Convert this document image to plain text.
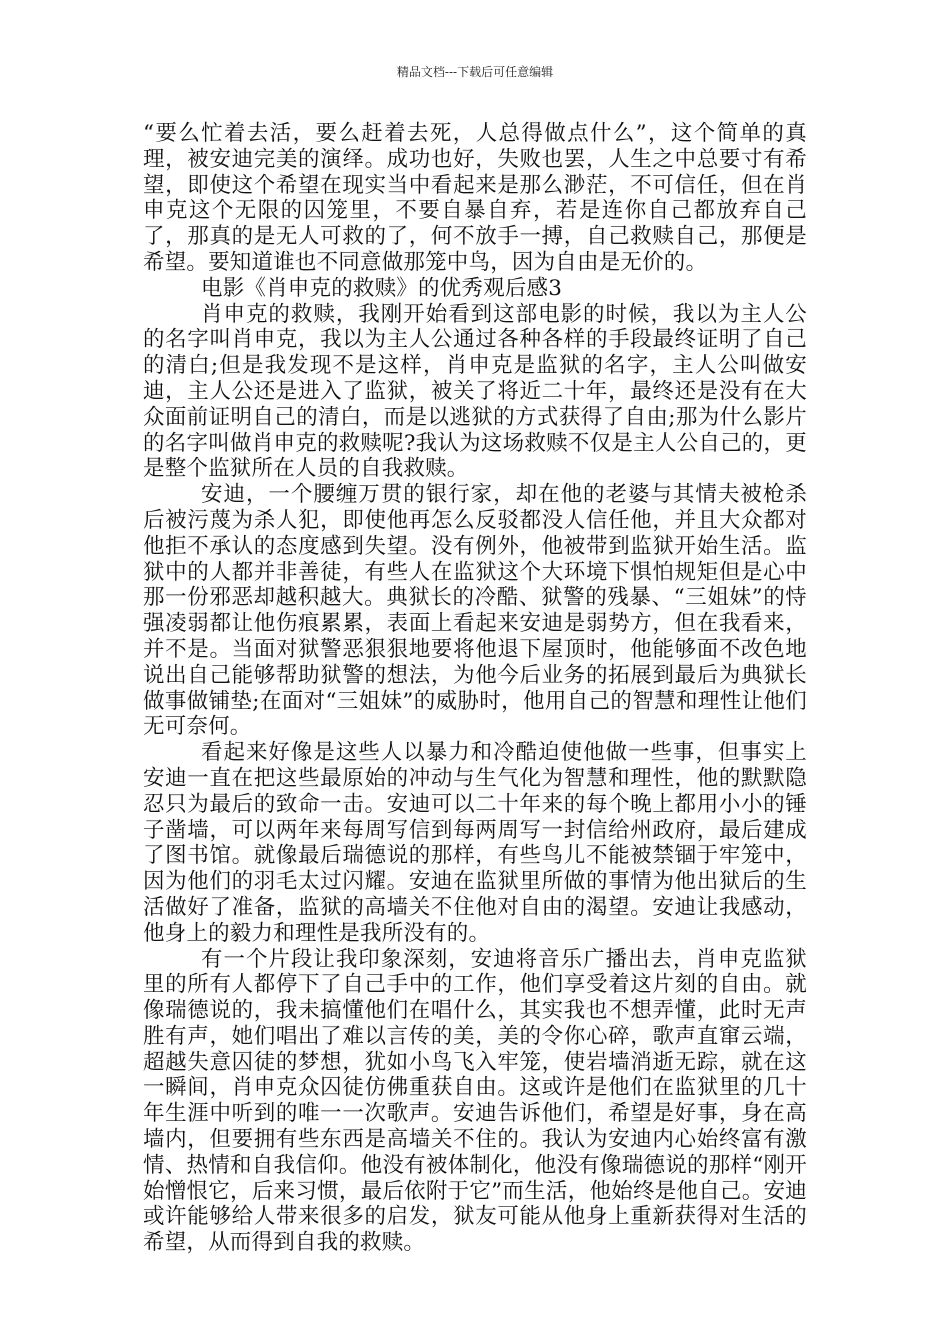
精品文档---下载后可任意编辑

“要么忙着去活，要么赶着去死，人总得做点什么”，这个简单的真理，被安迪完美的演绎。成功也好，失败也罢，人生之中总要寸有希望，即使这个希望在现实当中看起来是那么渺茫，不可信任，但在肖申克这个无限的囚笼里，不要自暴自弃，若是连你自己都放弃自己了，那真的是无人可救的了，何不放手一搏，自己救赎自己，那便是希望。要知道谁也不同意做那笼中鸟，因为自由是无价的。

电影《肖申克的救赎》的优秀观后感3

肖申克的救赎，我刚开始看到这部电影的时候，我以为主人公的名字叫肖申克，我以为主人公通过各种各样的手段最终证明了自己的清白;但是我发现不是这样，肖申克是监狱的名字，主人公叫做安迪，主人公还是进入了监狱，被关了将近二十年，最终还是没有在大众面前证明自己的清白，而是以逃狱的方式获得了自由;那为什么影片的名字叫做肖申克的救赎呢?我认为这场救赎不仅是主人公自己的，更是整个监狱所在人员的自我救赎。

安迪，一个腰缠万贯的银行家，却在他的老婆与其情夫被枪杀后被污蔑为杀人犯，即使他再怎么反驳都没人信任他，并且大众都对他拒不承认的态度感到失望。没有例外，他被带到监狱开始生活。监狱中的人都并非善徒，有些人在监狱这个大环境下惧怕规矩但是心中那一份邪恶却越积越大。典狱长的冷酷、狱警的残暴、“三姐妹”的恃强凌弱都让他伤痕累累，表面上看起来安迪是弱势方，但在我看来，并不是。当面对狱警恶狠狠地要将他退下屋顶时，他能够面不改色地说出自己能够帮助狱警的想法，为他今后业务的拓展到最后为典狱长做事做铺垫;在面对“三姐妹”的威胁时，他用自己的智慧和理性让他们无可奈何。

看起来好像是这些人以暴力和冷酷迫使他做一些事，但事实上安迪一直在把这些最原始的冲动与生气化为智慧和理性，他的默默隐忍只为最后的致命一击。安迪可以二十年来的每个晚上都用小小的锤子凿墙，可以两年来每周写信到每两周写一封信给州政府，最后建成了图书馆。就像最后瑞德说的那样，有些鸟儿不能被禁锢于牢笼中，因为他们的羽毛太过闪耀。安迪在监狱里所做的事情为他出狱后的生活做好了准备，监狱的高墙关不住他对自由的渴望。安迪让我感动，他身上的毅力和理性是我所没有的。

有一个片段让我印象深刻，安迪将音乐广播出去，肖申克监狱里的所有人都停下了自己手中的工作，他们享受着这片刻的自由。就像瑞德说的，我未搞懂他们在唱什么，其实我也不想弄懂，此时无声胜有声，她们唱出了难以言传的美，美的令你心碎，歌声直窜云端，超越失意囚徒的梦想，犹如小鸟飞入牢笼，使岩墙消逝无踪，就在这一瞬间，肖申克众囚徒仿佛重获自由。这或许是他们在监狱里的几十年生涯中听到的唯一一次歌声。安迪告诉他们，希望是好事，身在高墙内，但要拥有些东西是高墙关不住的。我认为安迪内心始终富有激情、热情和自我信仰。他没有被体制化，他没有像瑞德说的那样“刚开始憎恨它，后来习惯，最后依附于它”而生活，他始终是他自己。安迪或许能够给人带来很多的启发，狱友可能从他身上重新获得对生活的希望，从而得到自我的救赎。
